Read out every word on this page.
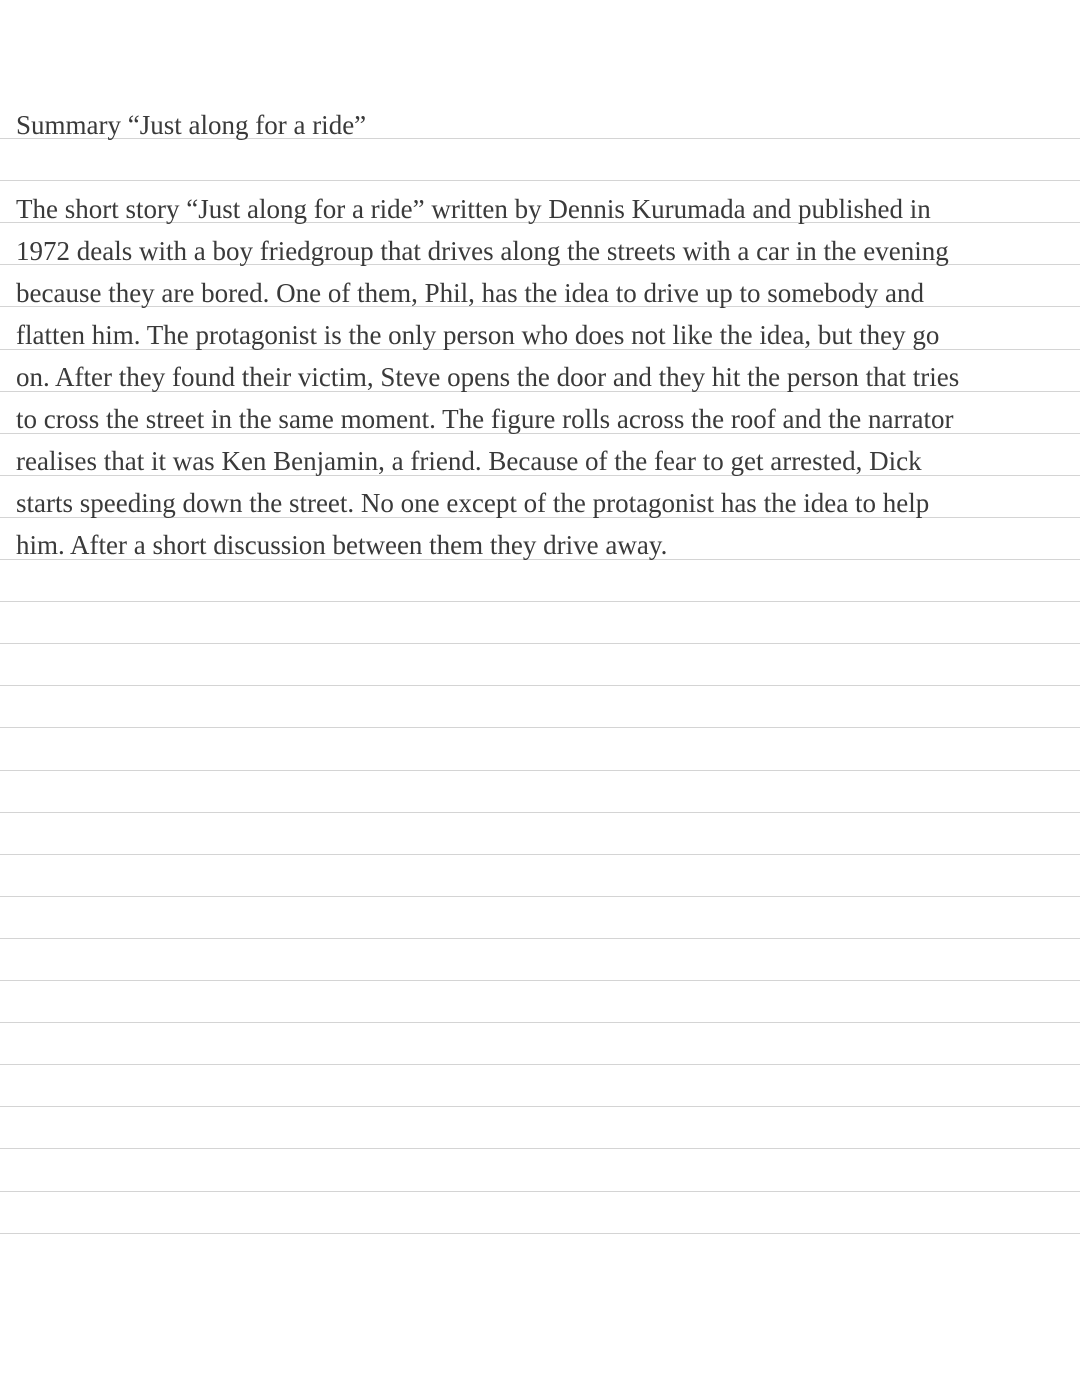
Summary “Just along for a ride”
The short story “Just along for a ride” written by Dennis Kurumada and published in
1972 deals with a boy friedgroup that drives along the streets with a car in the evening
because they are bored. One of them, Phil, has the idea to drive up to somebody and
flatten him. The protagonist is the only person who does not like the idea, but they go
on. After they found their victim, Steve opens the door and they hit the person that tries
to cross the street in the same moment. The figure rolls across the roof and the narrator
realises that it was Ken Benjamin, a friend. Because of the fear to get arrested, Dick
starts speeding down the street. No one except of the protagonist has the idea to help
him. After a short discussion between them they drive away.
